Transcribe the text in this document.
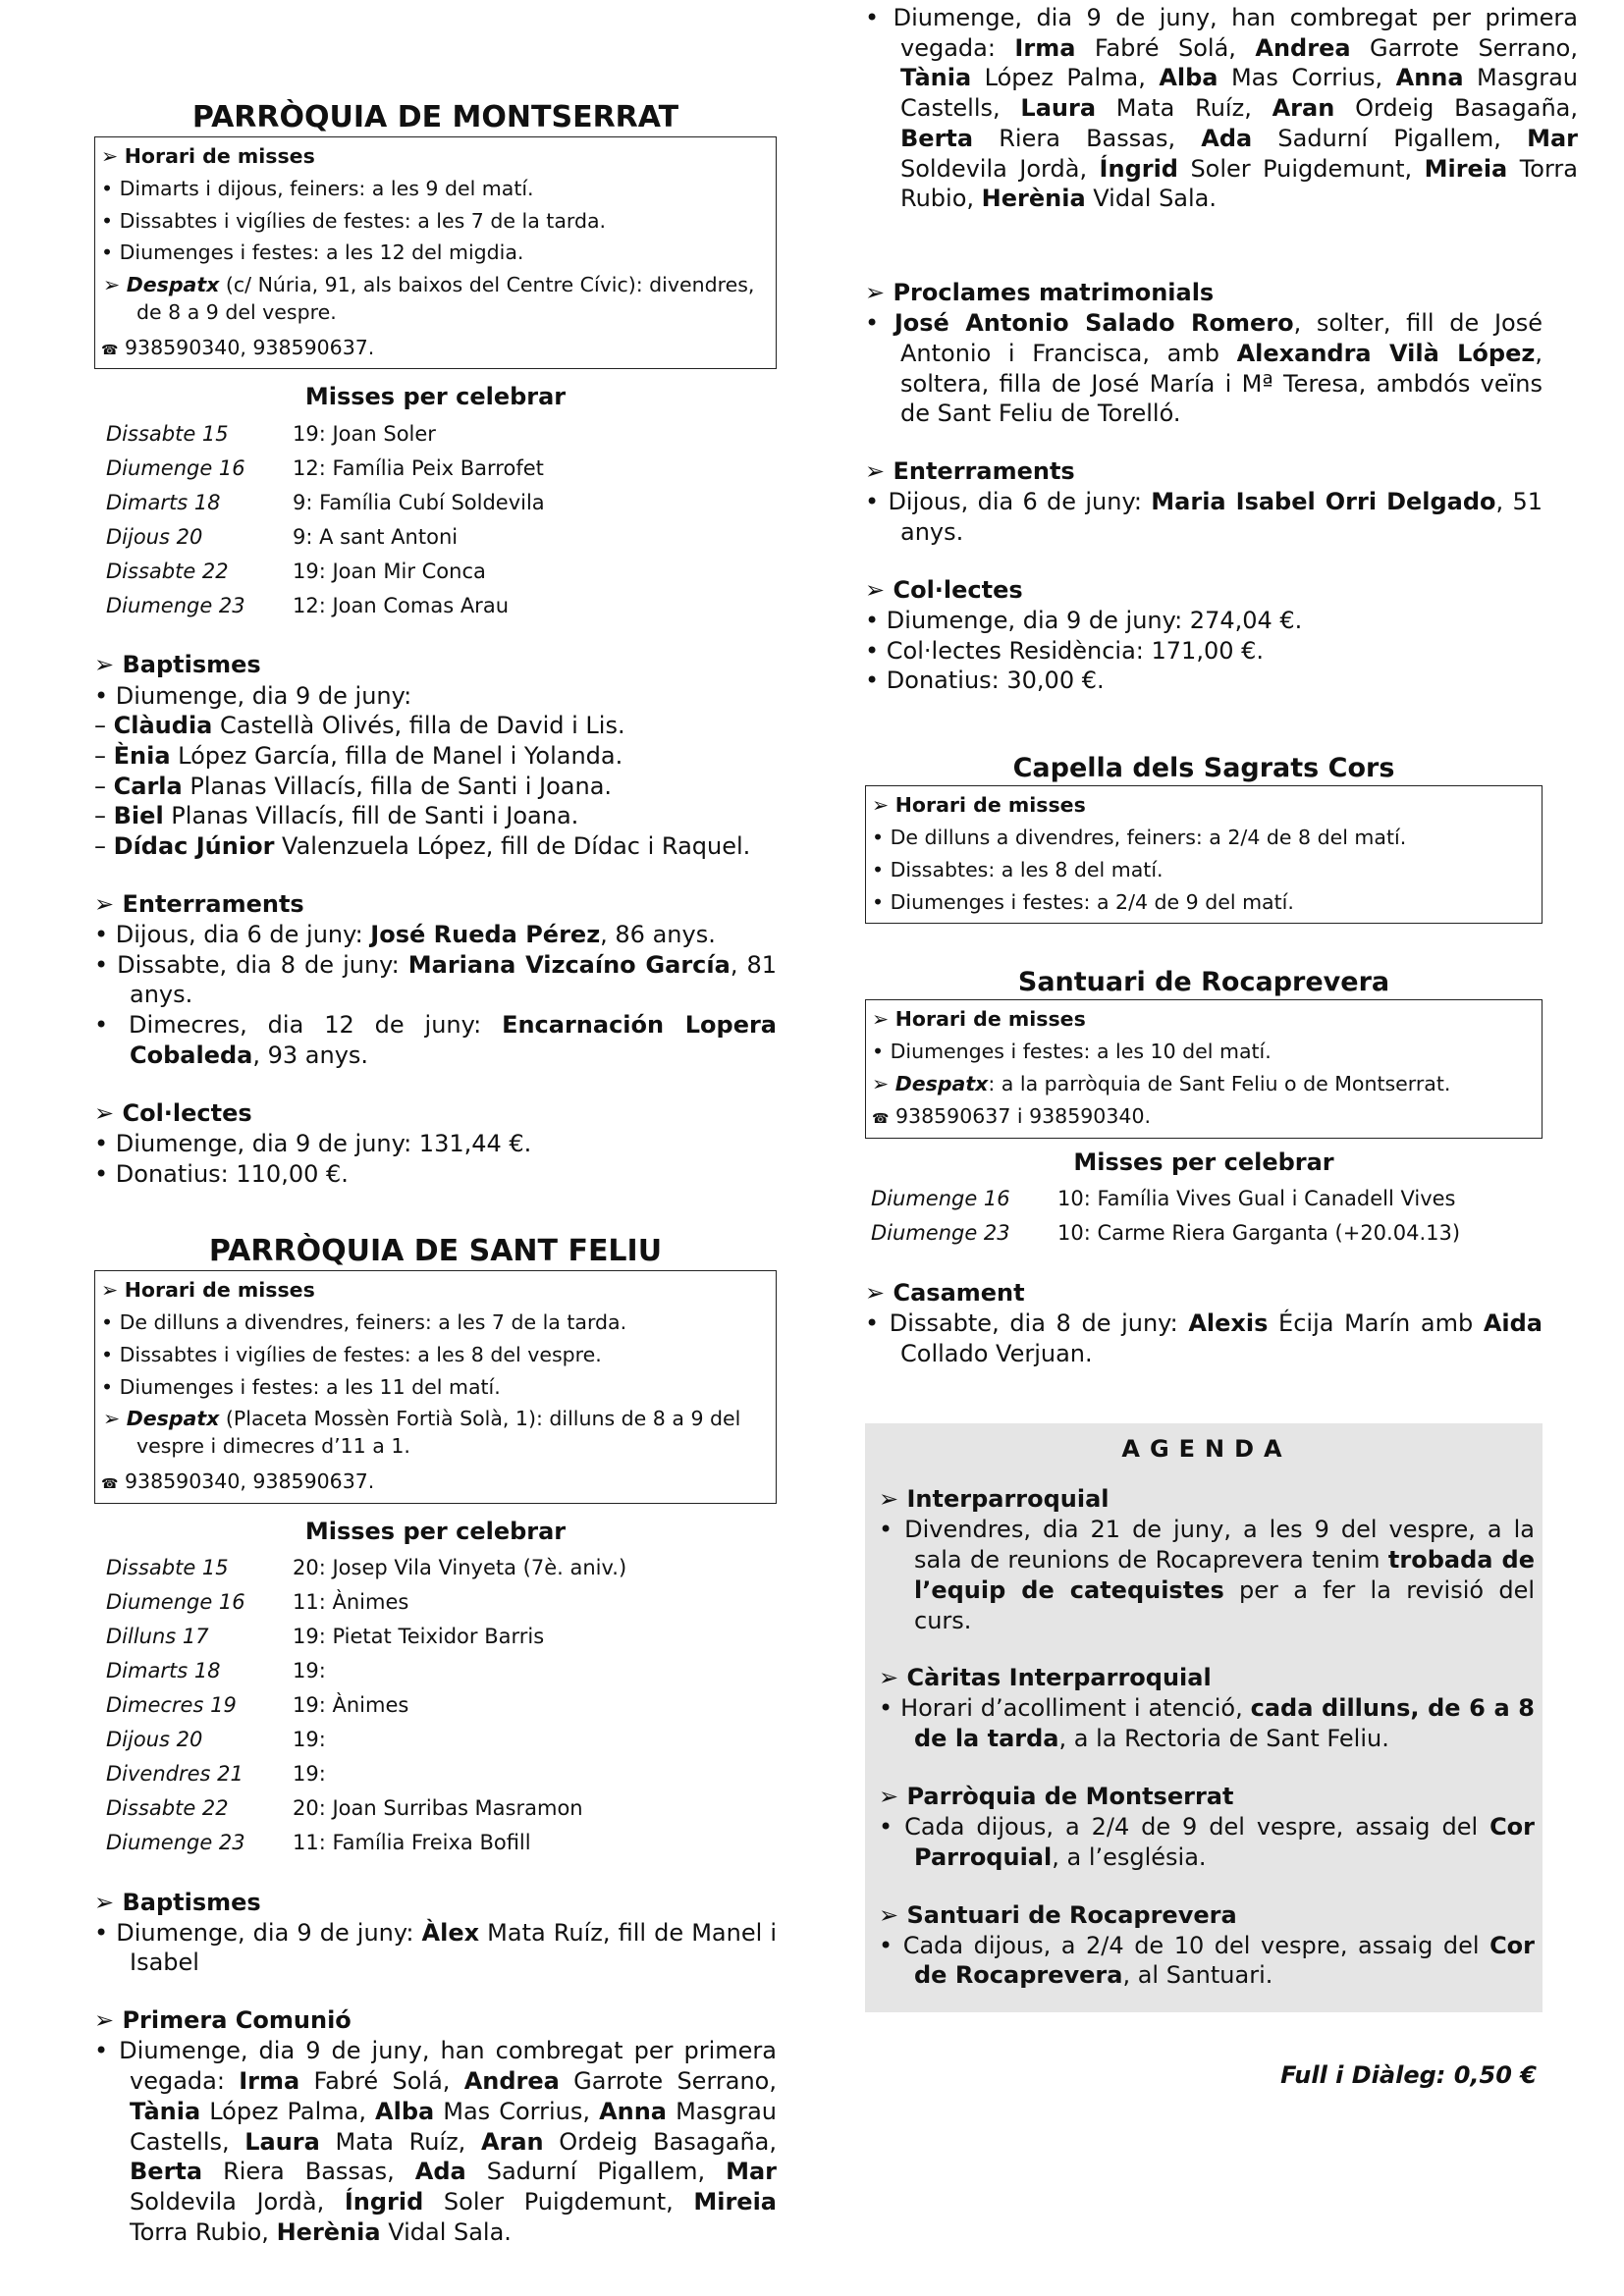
PARRÒQUIA DE MONTSERRAT
➢ Horari de misses
• Dimarts i dijous, feiners: a les 9 del matí.
• Dissabtes i vigílies de festes: a les 7 de la tarda.
• Diumenges i festes: a les 12 del migdia.
➢ Despatx (c/ Núria, 91, als baixos del Centre Cívic): divendres, de 8 a 9 del vespre.
☎ 938590340, 938590637.
Misses per celebrar
Dissabte 15	19: Joan Soler
Diumenge 16	12: Família Peix Barrofet
Dimarts 18	9: Família Cubí Soldevila
Dijous 20	9: A sant Antoni
Dissabte 22	19: Joan Mir Conca
Diumenge 23	12: Joan Comas Arau
➢ Baptismes
• Diumenge, dia 9 de juny:
– Clàudia Castellà Olivés, filla de David i Lis.
– Ènia López García, filla de Manel i Yolanda.
– Carla Planas Villacís, filla de Santi i Joana.
– Biel Planas Villacís, fill de Santi i Joana.
– Dídac Júnior Valenzuela López, fill de Dídac i Raquel.
➢ Enterraments
• Dijous, dia 6 de juny: José Rueda Pérez, 86 anys.
• Dissabte, dia 8 de juny: Mariana Vizcaíno García, 81 anys.
• Dimecres, dia 12 de juny: Encarnación Lopera Cobaleda, 93 anys.
➢ Col·lectes
• Diumenge, dia 9 de juny: 131,44 €.
• Donatius: 110,00 €.
PARRÒQUIA DE SANT FELIU
➢ Horari de misses
• De dilluns a divendres, feiners: a les 7 de la tarda.
• Dissabtes i vigílies de festes: a les 8 del vespre.
• Diumenges i festes: a les 11 del matí.
➢ Despatx (Placeta Mossèn Fortià Solà, 1): dilluns de 8 a 9 del vespre i dimecres d’11 a 1.
☎ 938590340, 938590637.
Misses per celebrar
Dissabte 15	20: Josep Vila Vinyeta (7è. aniv.)
Diumenge 16	11: Ànimes
Dilluns 17	19: Pietat Teixidor Barris
Dimarts 18	19:
Dimecres 19	19: Ànimes
Dijous 20	19:
Divendres 21	19:
Dissabte 22	20: Joan Surribas Masramon
Diumenge 23	11: Família Freixa Bofill
➢ Baptismes
• Diumenge, dia 9 de juny: Àlex Mata Ruíz, fill de Manel i Isabel
➢ Primera Comunió
• Diumenge, dia 9 de juny, han combregat per primera vegada: Irma Fabré Solá, Andrea Garrote Serrano, Tània López Palma, Alba Mas Corrius, Anna Masgrau Castells, Laura Mata Ruíz, Aran Ordeig Basagaña, Berta Riera Bassas, Ada Sadurní Pigallem, Mar Soldevila Jordà, Íngrid Soler Puigdemunt, Mireia Torra Rubio, Herènia Vidal Sala.
• Diumenge, dia 9 de juny, han combregat per primera vegada: Irma Fabré Solá, Andrea Garrote Serrano, Tània López Palma, Alba Mas Corrius, Anna Masgrau Castells, Laura Mata Ruíz, Aran Ordeig Basagaña, Berta Riera Bassas, Ada Sadurní Pigallem, Mar Soldevila Jordà, Íngrid Soler Puigdemunt, Mireia Torra Rubio, Herènia Vidal Sala.
➢ Proclames matrimonials
• José Antonio Salado Romero, solter, fill de José Antonio i Francisca, amb Alexandra Vilà López, soltera, filla de José María i Mª Teresa, ambdós veïns de Sant Feliu de Torelló.
➢ Enterraments
• Dijous, dia 6 de juny: Maria Isabel Orri Delgado, 51 anys.
➢ Col·lectes
• Diumenge, dia 9 de juny: 274,04 €.
• Col·lectes Residència: 171,00 €.
• Donatius: 30,00 €.
Capella dels Sagrats Cors
➢ Horari de misses
• De dilluns a divendres, feiners: a 2/4 de 8 del matí.
• Dissabtes: a les 8 del matí.
• Diumenges i festes: a 2/4 de 9 del matí.
Santuari de Rocaprevera
➢ Horari de misses
• Diumenges i festes: a les 10 del matí.
➢ Despatx: a la parròquia de Sant Feliu o de Montserrat.
☎ 938590637 i 938590340.
Misses per celebrar
Diumenge 16	10: Família Vives Gual i Canadell Vives
Diumenge 23	10: Carme Riera Garganta (+20.04.13)
➢ Casament
• Dissabte, dia 8 de juny: Alexis Écija Marín amb Aida Collado Verjuan.
AGENDA
➢ Interparroquial
• Divendres, dia 21 de juny, a les 9 del vespre, a la sala de reunions de Rocaprevera tenim trobada de l’equip de catequistes per a fer la revisió del curs.
➢ Càritas Interparroquial
• Horari d’acolliment i atenció, cada dilluns, de 6 a 8 de la tarda, a la Rectoria de Sant Feliu.
➢ Parròquia de Montserrat
• Cada dijous, a 2/4 de 9 del vespre, assaig del Cor Parroquial, a l’església.
➢ Santuari de Rocaprevera
• Cada dijous, a 2/4 de 10 del vespre, assaig del Cor de Rocaprevera, al Santuari.
Full i Diàleg: 0,50 €
